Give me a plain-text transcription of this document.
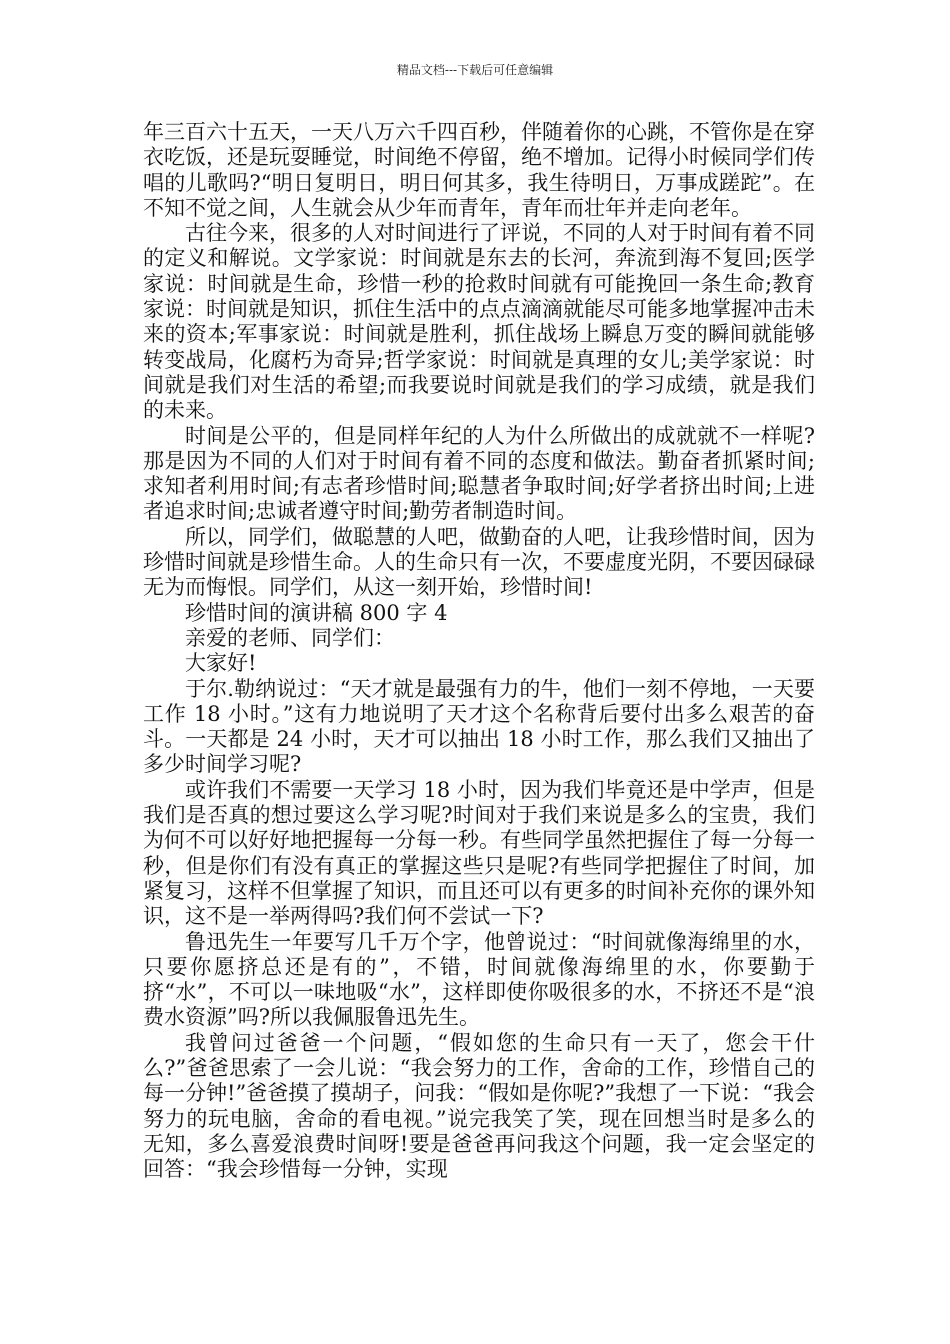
精品文档---下载后可任意编辑

年三百六十五天，一天八万六千四百秒，伴随着你的心跳，不管你是在穿衣吃饭，还是玩耍睡觉，时间绝不停留，绝不增加。记得小时候同学们传唱的儿歌吗?“明日复明日，明日何其多，我生待明日，万事成蹉跎”。在不知不觉之间，人生就会从少年而青年，青年而壮年并走向老年。

古往今来，很多的人对时间进行了评说，不同的人对于时间有着不同的定义和解说。文学家说：时间就是东去的长河，奔流到海不复回;医学家说：时间就是生命，珍惜一秒的抢救时间就有可能挽回一条生命;教育家说：时间就是知识，抓住生活中的点点滴滴就能尽可能多地掌握冲击未来的资本;军事家说：时间就是胜利，抓住战场上瞬息万变的瞬间就能够转变战局，化腐朽为奇异;哲学家说：时间就是真理的女儿;美学家说：时间就是我们对生活的希望;而我要说时间就是我们的学习成绩，就是我们的未来。

时间是公平的，但是同样年纪的人为什么所做出的成就就不一样呢?那是因为不同的人们对于时间有着不同的态度和做法。勤奋者抓紧时间;求知者利用时间;有志者珍惜时间;聪慧者争取时间;好学者挤出时间;上进者追求时间;忠诚者遵守时间;勤劳者制造时间。

所以，同学们，做聪慧的人吧，做勤奋的人吧，让我珍惜时间，因为珍惜时间就是珍惜生命。人的生命只有一次，不要虚度光阴，不要因碌碌无为而悔恨。同学们，从这一刻开始，珍惜时间!

珍惜时间的演讲稿 800 字 4

亲爱的老师、同学们：

大家好!

于尔.勒纳说过：“天才就是最强有力的牛，他们一刻不停地，一天要工作 18 小时。”这有力地说明了天才这个名称背后要付出多么艰苦的奋斗。一天都是 24 小时，天才可以抽出 18 小时工作，那么我们又抽出了多少时间学习呢?

或许我们不需要一天学习 18 小时，因为我们毕竟还是中学声，但是我们是否真的想过要这么学习呢?时间对于我们来说是多么的宝贵，我们为何不可以好好地把握每一分每一秒。有些同学虽然把握住了每一分每一秒，但是你们有没有真正的掌握这些只是呢?有些同学把握住了时间，加紧复习，这样不但掌握了知识，而且还可以有更多的时间补充你的课外知识，这不是一举两得吗?我们何不尝试一下?

鲁迅先生一年要写几千万个字，他曾说过：“时间就像海绵里的水，只要你愿挤总还是有的”，不错，时间就像海绵里的水，你要勤于挤“水”，不可以一味地吸“水”，这样即使你吸很多的水，不挤还不是“浪费水资源”吗?所以我佩服鲁迅先生。

我曾问过爸爸一个问题，“假如您的生命只有一天了，您会干什么?”爸爸思索了一会儿说：“我会努力的工作，舍命的工作，珍惜自己的每一分钟!”爸爸摸了摸胡子，问我：“假如是你呢?”我想了一下说：“我会努力的玩电脑，舍命的看电视。”说完我笑了笑，现在回想当时是多么的无知，多么喜爱浪费时间呀!要是爸爸再问我这个问题，我一定会坚定的回答：“我会珍惜每一分钟，实现
